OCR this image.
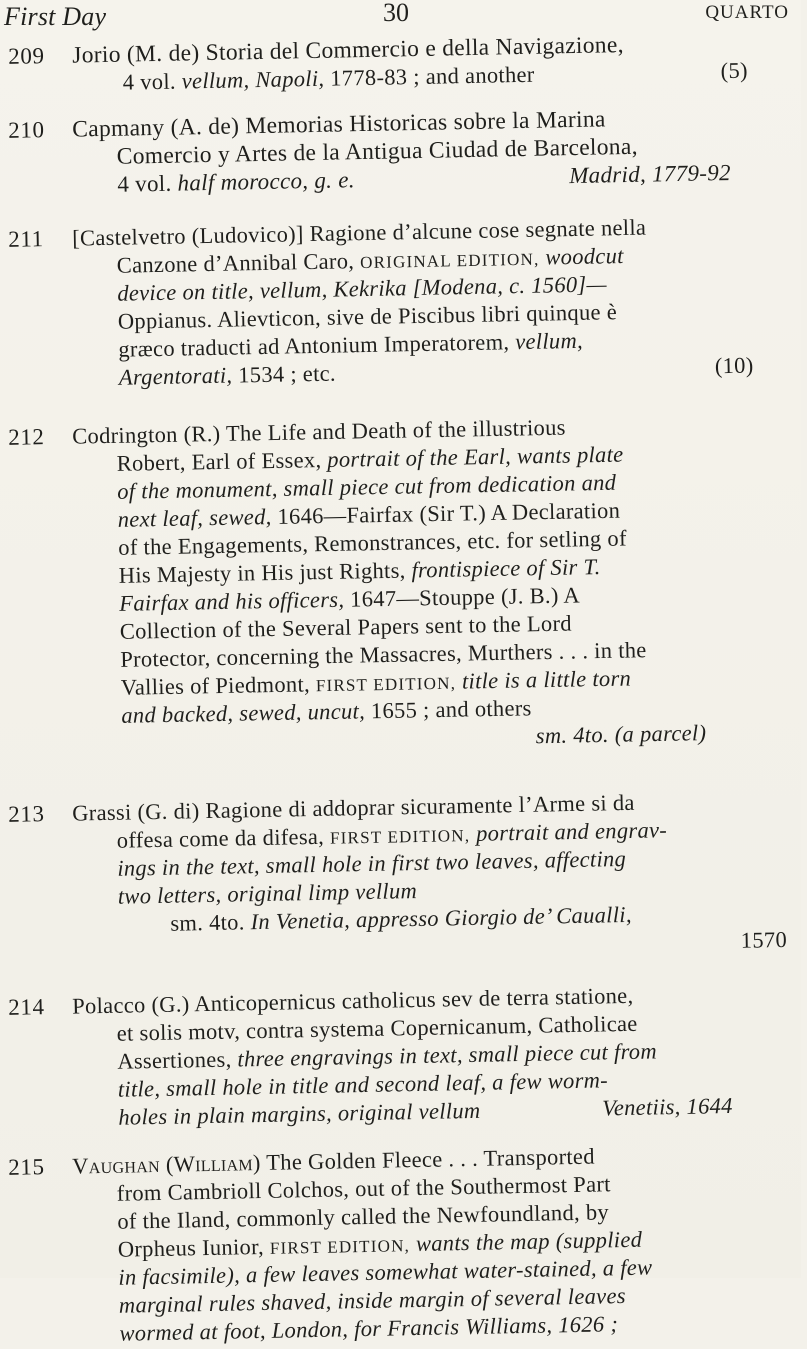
First Day	30	QUARTO
209 Jorio (M. de) Storia del Commercio e della Navigazione,
4 vol. vellum, Napoli, 1778-83 ; and another	(5)
210 Capmany (A. de) Memorias Historicas sobre la Marina
Comercio y Artes de la Antigua Ciudad de Barcelona,
4 vol. half morocco, g. e.	Madrid, 1779-92
211 [Castelvetro (Ludovico)] Ragione d’alcune cose segnate nella
Canzone d’Annibal Caro, ORIGINAL EDITION, woodcut
device on title, vellum, Kekrika [Modena, c. 1560]—
Oppianus. Alievticon, sive de Piscibus libri quinque è
græco traducti ad Antonium Imperatorem, vellum,
Argentorati, 1534 ; etc.	(10)
212 Codrington (R.) The Life and Death of the illustrious
Robert, Earl of Essex, portrait of the Earl, wants plate
of the monument, small piece cut from dedication and
next leaf, sewed, 1646—Fairfax (Sir T.) A Declaration
of the Engagements, Remonstrances, etc. for setling of
His Majesty in His just Rights, frontispiece of Sir T.
Fairfax and his officers, 1647—Stouppe (J. B.) A
Collection of the Several Papers sent to the Lord
Protector, concerning the Massacres, Murthers . . . in the
Vallies of Piedmont, FIRST EDITION, title is a little torn
and backed, sewed, uncut, 1655 ; and others
sm. 4to. (a parcel)
213 Grassi (G. di) Ragione di addoprar sicuramente l’Arme si da
offesa come da difesa, FIRST EDITION, portrait and engrav-
ings in the text, small hole in first two leaves, affecting
two letters, original limp vellum
sm. 4to. In Venetia, appresso Giorgio de’ Caualli,
1570
214 Polacco (G.) Anticopernicus catholicus sev de terra statione,
et solis motv, contra systema Copernicanum, Catholicae
Assertiones, three engravings in text, small piece cut from
title, small hole in title and second leaf, a few worm-
holes in plain margins, original vellum	Venetiis, 1644
215 Vaughan (William) The Golden Fleece . . . Transported
from Cambrioll Colchos, out of the Southermost Part
of the Iland, commonly called the Newfoundland, by
Orpheus Iunior, FIRST EDITION, wants the map (supplied
in facsimile), a few leaves somewhat water-stained, a few
marginal rules shaved, inside margin of several leaves
wormed at foot, London, for Francis Williams, 1626 ;
